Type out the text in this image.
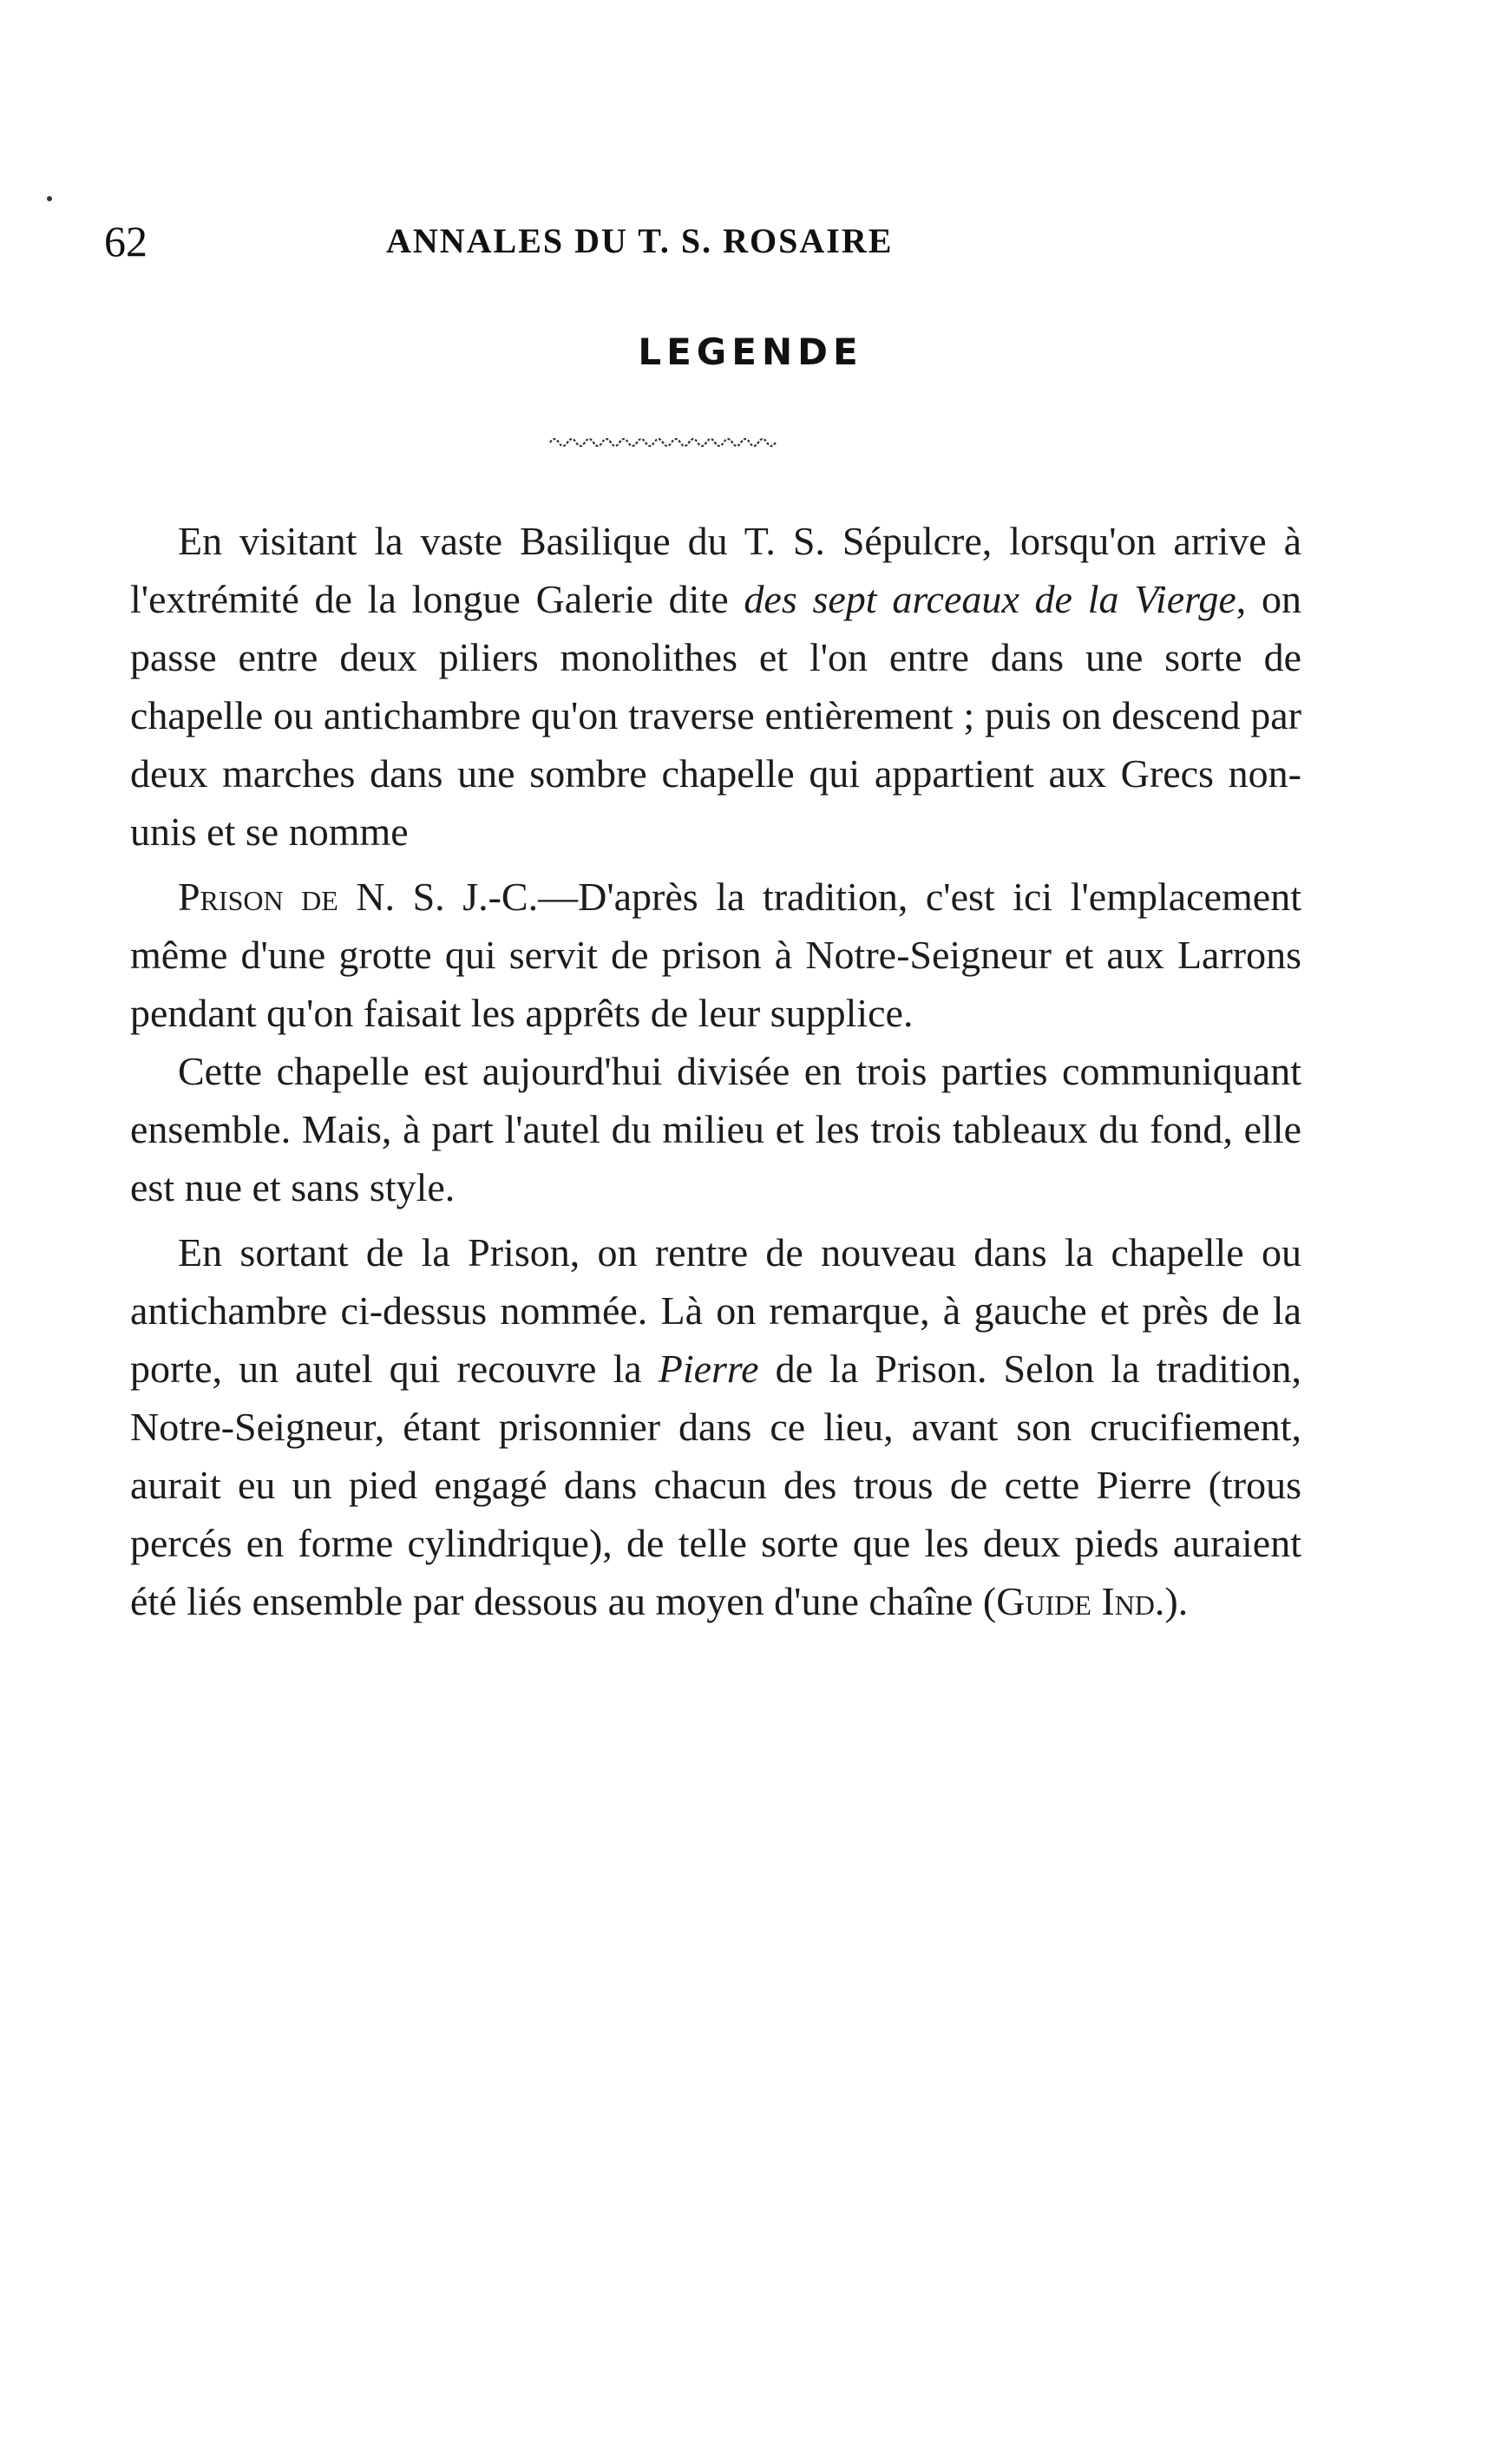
62	ANNALES DU T. S. ROSAIRE
LEGENDE

En visitant la vaste Basilique du T. S. Sépulcre, lorsqu'on arrive à l'extrémité de la longue Galerie dite des sept arceaux de la Vierge, on passe entre deux piliers monolithes et l'on entre dans une sorte de chapelle ou antichambre qu'on traverse entièrement ; puis on descend par deux marches dans une sombre chapelle qui appartient aux Grecs non-unis et se nomme

Prison de N. S. J.-C.—D'après la tradition, c'est ici l'emplacement même d'une grotte qui servit de prison à Notre-Seigneur et aux Larrons pendant qu'on faisait les apprêts de leur supplice.

Cette chapelle est aujourd'hui divisée en trois parties communiquant ensemble. Mais, à part l'autel du milieu et les trois tableaux du fond, elle est nue et sans style.

En sortant de la Prison, on rentre de nouveau dans la chapelle ou antichambre ci-dessus nommée. Là on remarque, à gauche et près de la porte, un autel qui recouvre la Pierre de la Prison. Selon la tradition, Notre-Seigneur, étant prisonnier dans ce lieu, avant son crucifiement, aurait eu un pied engagé dans chacun des trous de cette Pierre (trous percés en forme cylindrique), de telle sorte que les deux pieds auraient été liés ensemble par dessous au moyen d'une chaîne (Guide Ind.).
